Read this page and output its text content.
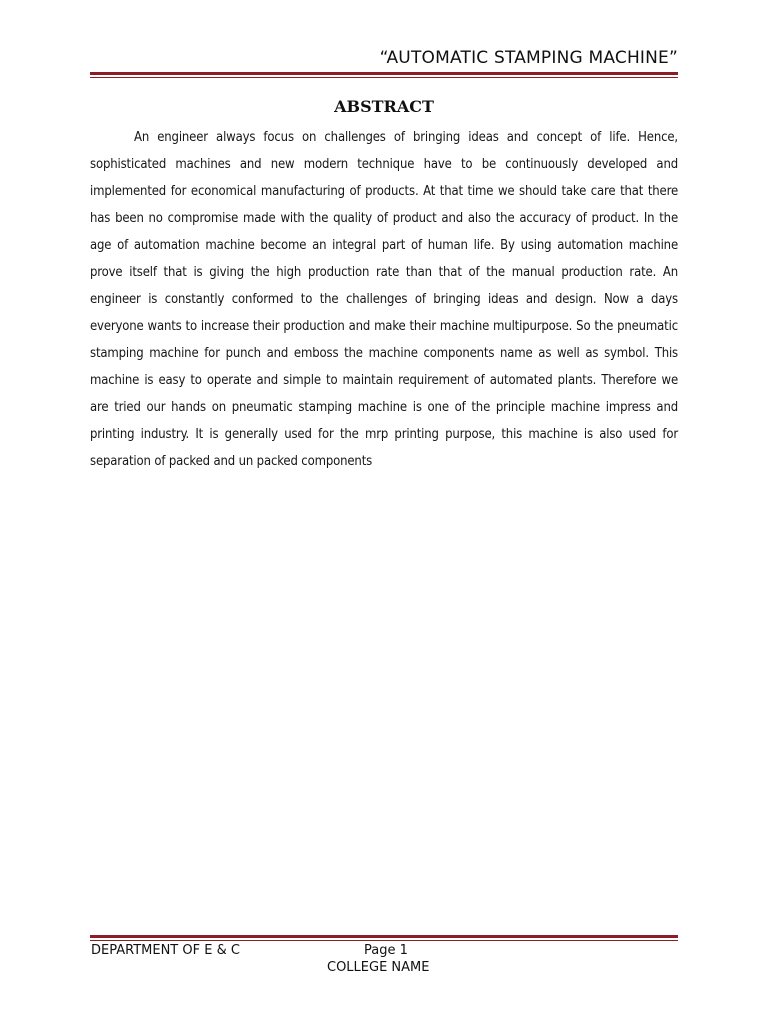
“AUTOMATIC STAMPING MACHINE”
ABSTRACT

An engineer always focus on challenges of bringing ideas and concept of life. Hence, sophisticated machines and new modern technique have to be continuously developed and implemented for economical manufacturing of products. At that time we should take care that there has been no compromise made with the quality of product and also the accuracy of product. In the age of automation machine become an integral part of human life. By using automation machine prove itself that is giving the high production rate than that of the manual production rate. An engineer is constantly conformed to the challenges of bringing ideas and design. Now a days everyone wants to increase their production and make their machine multipurpose. So the pneumatic stamping machine for punch and emboss the machine components name as well as symbol. This machine is easy to operate and simple to maintain requirement of automated plants. Therefore we are tried our hands on pneumatic stamping machine is one of the principle machine impress and printing industry. It is generally used for the mrp printing purpose, this machine is also used for separation of packed and un packed components

DEPARTMENT OF E & C	Page 1
COLLEGE NAME
